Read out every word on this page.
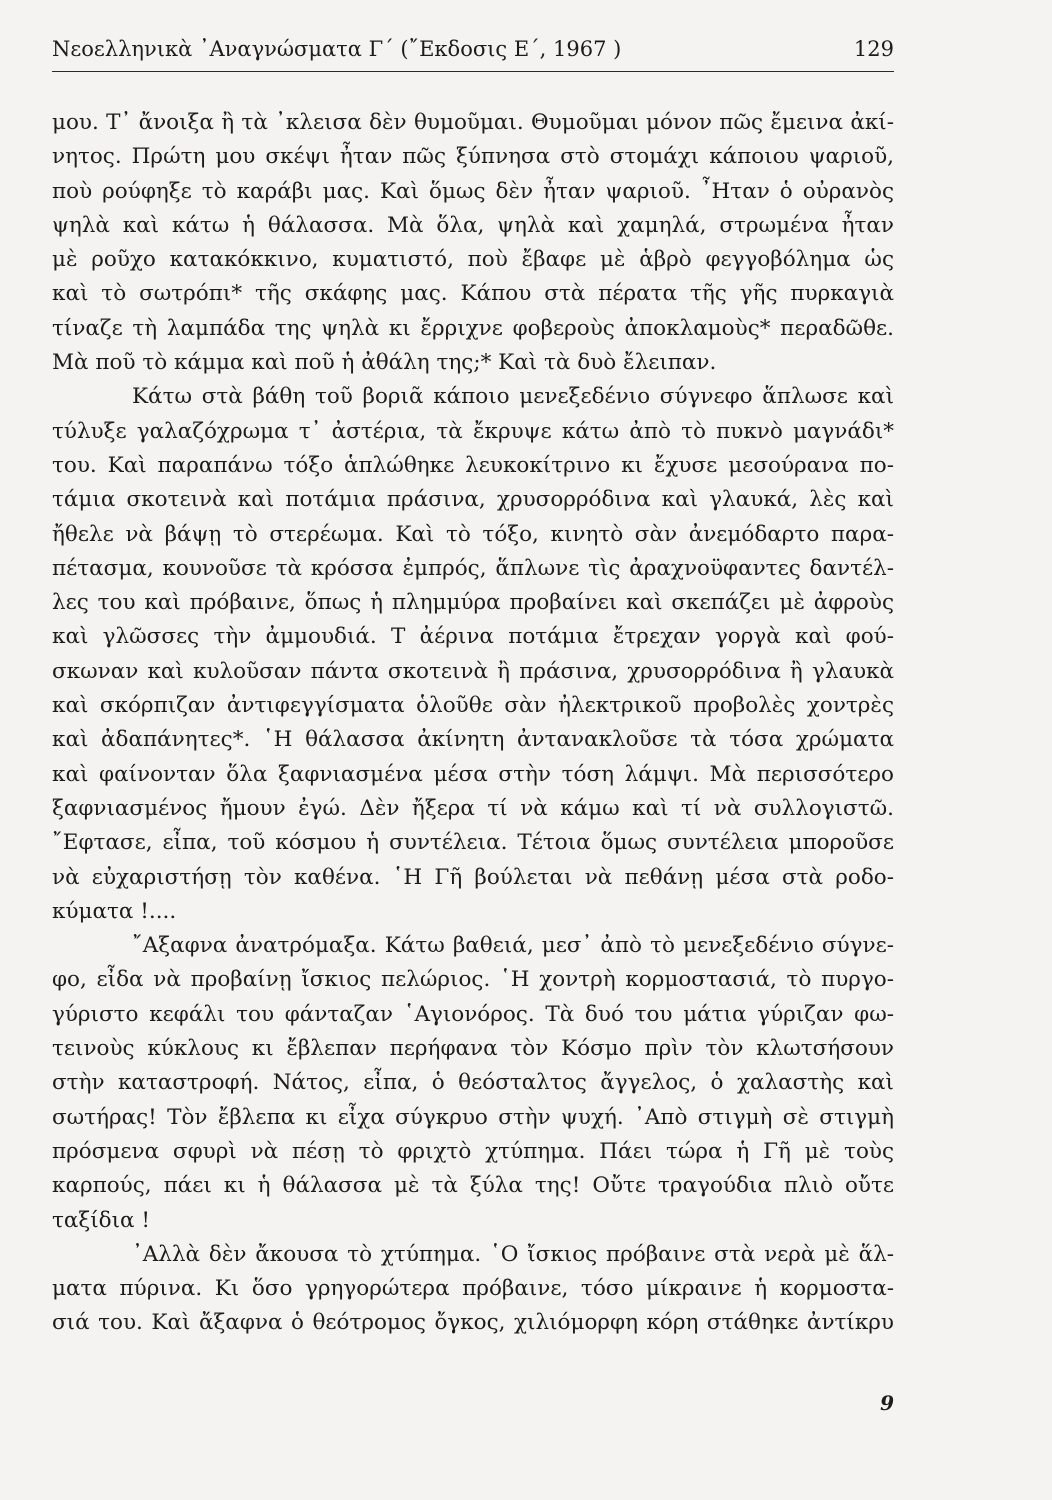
Νεοελληνικὰ ᾿Αναγνώσματα Γ΄ (῎Εκδοσις Ε΄, 1967 )	129
μου. Τ᾿ ἄνοιξα ἢ τὰ ᾿κλεισα δὲν θυμοῦμαι. Θυμοῦμαι μόνον πῶς ἔμεινα ἀκί-
νητος. Πρώτη μου σκέψι ἦταν πῶς ξύπνησα στὸ στομάχι κάποιου ψαριοῦ,
ποὺ ρούφηξε τὸ καράβι μας. Καὶ ὅμως δὲν ἦταν ψαριοῦ. ῏Ηταν ὁ οὐρανὸς
ψηλὰ καὶ κάτω ἡ θάλασσα. Μὰ ὅλα, ψηλὰ καὶ χαμηλά, στρωμένα ἦταν
μὲ ροῦχο κατακόκκινο, κυματιστό, ποὺ ἔβαφε μὲ ἁβρὸ φεγγοβόλημα ὡς
καὶ τὸ σωτρόπι* τῆς σκάφης μας. Κάπου στὰ πέρατα τῆς γῆς πυρκαγιὰ
τίναζε τὴ λαμπάδα της ψηλὰ κι ἔρριχνε φοβεροὺς ἀποκλαμοὺς* περαδῶθε.
Μὰ ποῦ τὸ κάμμα καὶ ποῦ ἡ ἀθάλη της;* Καὶ τὰ δυὸ ἔλειπαν.
Κάτω στὰ βάθη τοῦ βοριᾶ κάποιο μενεξεδένιο σύγνεφο ἅπλωσε καὶ
τύλυξε γαλαζόχρωμα τ᾿ ἀστέρια, τὰ ἔκρυψε κάτω ἀπὸ τὸ πυκνὸ μαγνάδι*
του. Καὶ παραπάνω τόξο ἁπλώθηκε λευκοκίτρινο κι ἔχυσε μεσούρανα πο-
τάμια σκοτεινὰ καὶ ποτάμια πράσινα, χρυσορρόδινα καὶ γλαυκά, λὲς καὶ
ἤθελε νὰ βάψῃ τὸ στερέωμα. Καὶ τὸ τόξο, κινητὸ σὰν ἀνεμόδαρτο παρα-
πέτασμα, κουνοῦσε τὰ κρόσσα ἐμπρός, ἅπλωνε τὶς ἀραχνοϋφαντες δαντέλ-
λες του καὶ πρόβαινε, ὅπως ἡ πλημμύρα προβαίνει καὶ σκεπάζει μὲ ἀφροὺς
καὶ γλῶσσες τὴν ἀμμουδιά. Τ ἀέρινα ποτάμια ἔτρεχαν γοργὰ καὶ φού-
σκωναν καὶ κυλοῦσαν πάντα σκοτεινὰ ἢ πράσινα, χρυσορρόδινα ἢ γλαυκὰ
καὶ σκόρπιζαν ἀντιφεγγίσματα ὁλοῦθε σὰν ἠλεκτρικοῦ προβολὲς χοντρὲς
καὶ ἀδαπάνητες*. ῾Η θάλασσα ἀκίνητη ἀντανακλοῦσε τὰ τόσα χρώματα
καὶ φαίνονταν ὅλα ξαφνιασμένα μέσα στὴν τόση λάμψι. Μὰ περισσότερο
ξαφνιασμένος ἤμουν ἐγώ. Δὲν ἤξερα τί νὰ κάμω καὶ τί νὰ συλλογιστῶ.
῎Εφτασε, εἶπα, τοῦ κόσμου ἡ συντέλεια. Τέτοια ὅμως συντέλεια μποροῦσε
νὰ εὐχαριστήσῃ τὸν καθένα. ῾Η Γῆ βούλεται νὰ πεθάνῃ μέσα στὰ ροδο-
κύματα !....
῎Αξαφνα ἀνατρόμαξα. Κάτω βαθειά, μεσ᾿ ἀπὸ τὸ μενεξεδένιο σύγνε-
φο, εἶδα νὰ προβαίνῃ ἴσκιος πελώριος. ῾Η χοντρὴ κορμοστασιά, τὸ πυργο-
γύριστο κεφάλι του φάνταζαν ῾Αγιονόρος. Τὰ δυό του μάτια γύριζαν φω-
τεινοὺς κύκλους κι ἔβλεπαν περήφανα τὸν Κόσμο πρὶν τὸν κλωτσήσουν
στὴν καταστροφή. Νάτος, εἶπα, ὁ θεόσταλτος ἄγγελος, ὁ χαλαστὴς καὶ
σωτήρας! Τὸν ἔβλεπα κι εἶχα σύγκρυο στὴν ψυχή. ᾿Απὸ στιγμὴ σὲ στιγμὴ
πρόσμενα σφυρὶ νὰ πέσῃ τὸ φριχτὸ χτύπημα. Πάει τώρα ἡ Γῆ μὲ τοὺς
καρπούς, πάει κι ἡ θάλασσα μὲ τὰ ξύλα της! Οὔτε τραγούδια πλιὸ οὔτε
ταξίδια !
᾿Αλλὰ δὲν ἄκουσα τὸ χτύπημα. ῾Ο ἴσκιος πρόβαινε στὰ νερὰ μὲ ἅλ-
ματα πύρινα. Κι ὅσο γρηγορώτερα πρόβαινε, τόσο μίκραινε ἡ κορμοστα-
σιά του. Καὶ ἄξαφνα ὁ θεότρομος ὄγκος, χιλιόμορφη κόρη στάθηκε ἀντίκρυ
9
